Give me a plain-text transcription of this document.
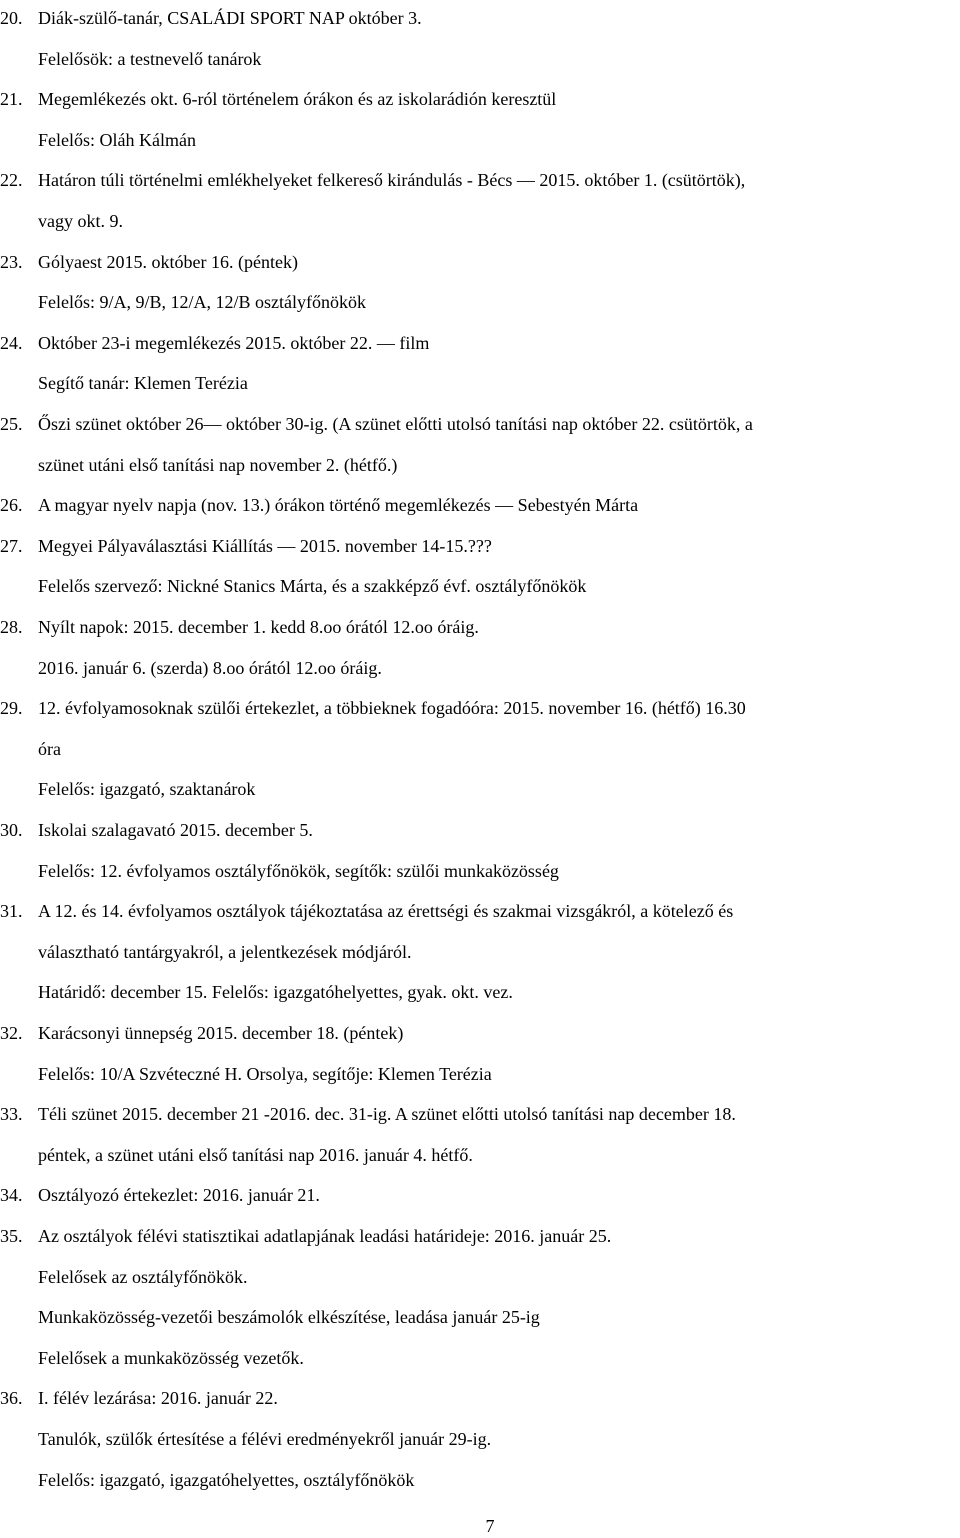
20. Diák-szülő-tanár, CSALÁDI SPORT NAP október 3.
Felelősök: a testnevelő tanárok
21. Megemlékezés okt. 6-ról történelem órákon és az iskolarádión keresztül
Felelős: Oláh Kálmán
22. Határon túli történelmi emlékhelyeket felkereső kirándulás - Bécs ― 2015. október 1. (csütörtök),
vagy okt. 9.
23. Gólyaest 2015. október 16. (péntek)
Felelős: 9/A, 9/B, 12/A, 12/B osztályfőnökök
24. Október 23-i megemlékezés 2015. október 22. ― film
Segítő tanár: Klemen Terézia
25. Őszi szünet október 26― október 30-ig. (A szünet előtti utolsó tanítási nap október 22. csütörtök, a
szünet utáni első tanítási nap november 2. (hétfő.)
26. A magyar nyelv napja (nov. 13.) órákon történő megemlékezés ― Sebestyén Márta
27. Megyei Pályaválasztási Kiállítás ― 2015. november 14-15.???
Felelős szervező: Nickné Stanics Márta, és a szakképző évf. osztályfőnökök
28. Nyílt napok: 2015. december 1. kedd 8.oo órától 12.oo óráig.
2016. január 6. (szerda) 8.oo órától 12.oo óráig.
29. 12. évfolyamosoknak szülői értekezlet, a többieknek fogadóóra: 2015. november 16. (hétfő) 16.30
óra
Felelős: igazgató, szaktanárok
30. Iskolai szalagavató 2015. december 5.
Felelős: 12. évfolyamos osztályfőnökök, segítők: szülői munkaközösség
31. A 12. és 14. évfolyamos osztályok tájékoztatása az érettségi és szakmai vizsgákról, a kötelező és
választható tantárgyakról, a jelentkezések módjáról.
Határidő: december 15. Felelős: igazgatóhelyettes, gyak. okt. vez.
32. Karácsonyi ünnepség 2015. december 18. (péntek)
Felelős: 10/A Szvéteczné H. Orsolya, segítője: Klemen Terézia
33. Téli szünet 2015. december 21 -2016. dec. 31-ig. A szünet előtti utolsó tanítási nap december 18.
péntek, a szünet utáni első tanítási nap 2016. január 4. hétfő.
34. Osztályozó értekezlet: 2016. január 21.
35. Az osztályok félévi statisztikai adatlapjának leadási határideje: 2016. január 25.
Felelősek az osztályfőnökök.
Munkaközösség-vezetői beszámolók elkészítése, leadása január 25-ig
Felelősek a munkaközösség vezetők.
36. I. félév lezárása: 2016. január 22.
Tanulók, szülők értesítése a félévi eredményekről január 29-ig.
Felelős: igazgató, igazgatóhelyettes, osztályfőnökök
7
